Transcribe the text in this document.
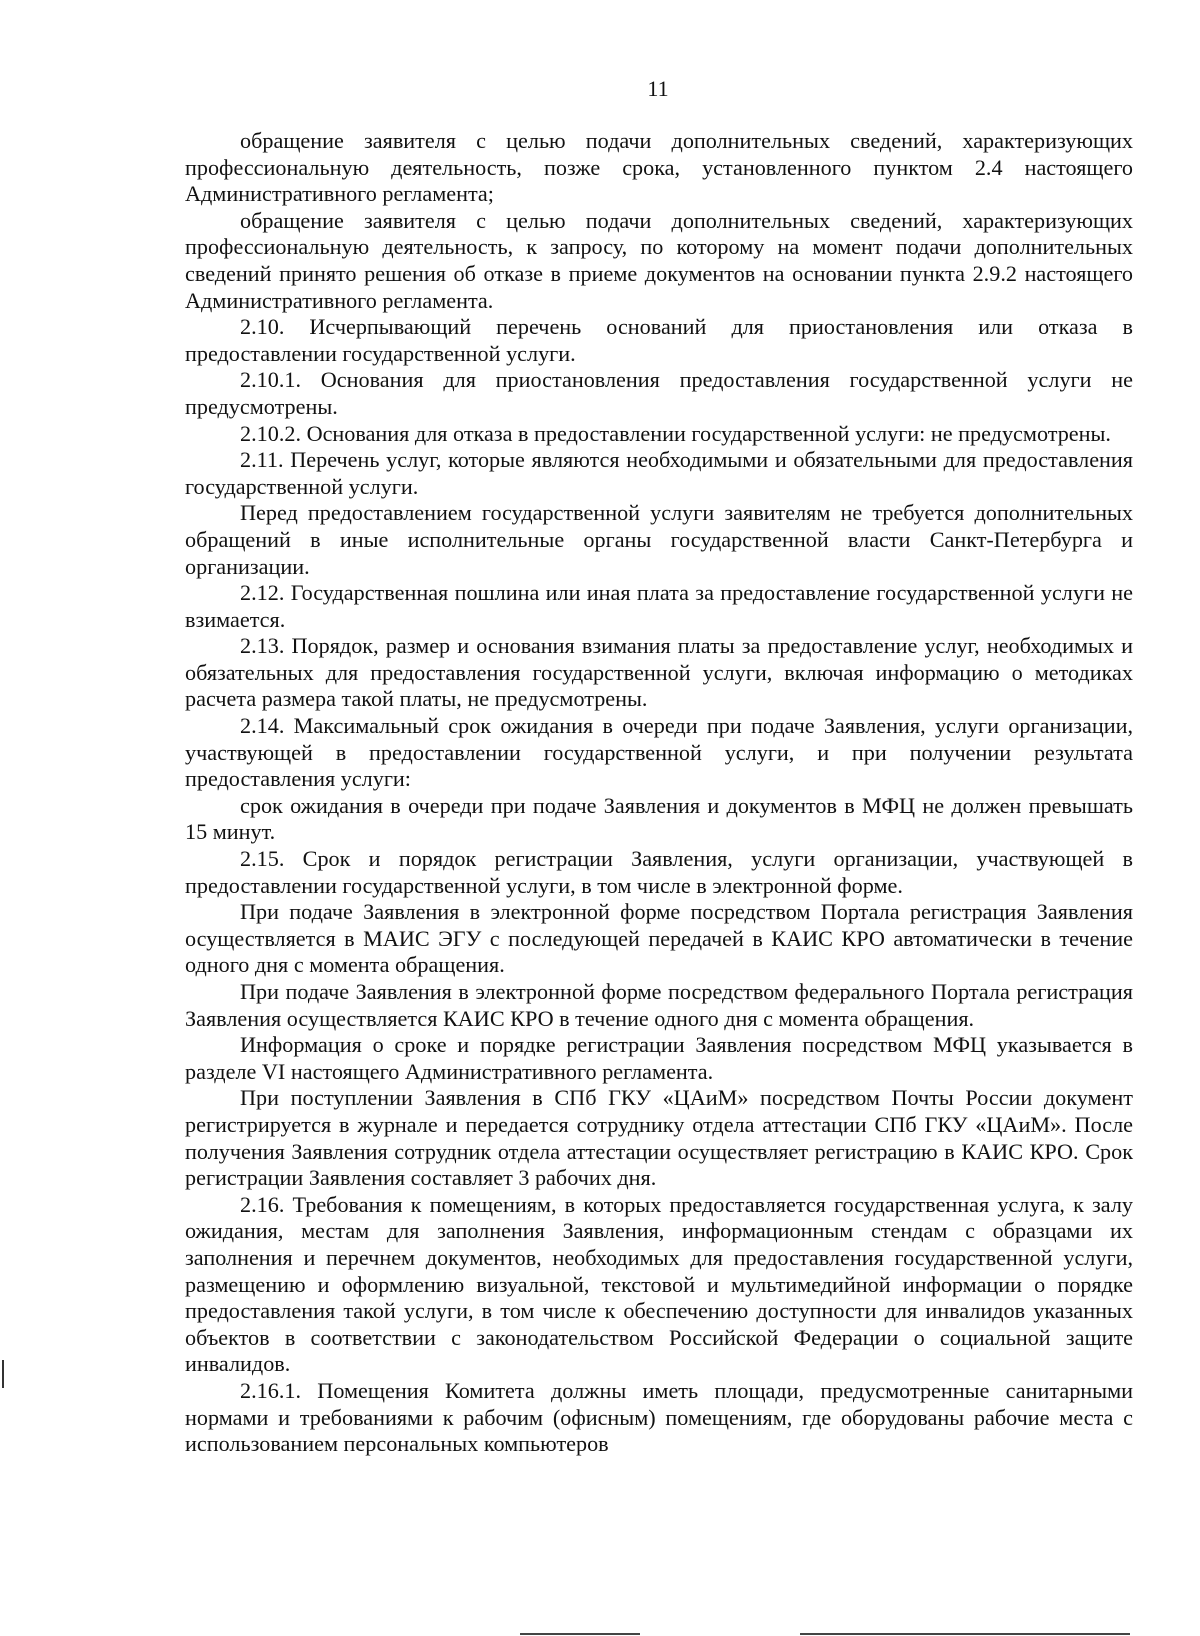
11

обращение заявителя с целью подачи дополнительных сведений, характеризующих профессиональную деятельность, позже срока, установленного пунктом 2.4 настоящего Административного регламента;

обращение заявителя с целью подачи дополнительных сведений, характеризующих профессиональную деятельность, к запросу, по которому на момент подачи дополнительных сведений принято решения об отказе в приеме документов на основании пункта 2.9.2 настоящего Административного регламента.

2.10. Исчерпывающий перечень оснований для приостановления или отказа в предоставлении государственной услуги.

2.10.1. Основания для приостановления предоставления государственной услуги не предусмотрены.

2.10.2. Основания для отказа в предоставлении государственной услуги: не предусмотрены.

2.11. Перечень услуг, которые являются необходимыми и обязательными для предоставления государственной услуги.

Перед предоставлением государственной услуги заявителям не требуется дополнительных обращений в иные исполнительные органы государственной власти Санкт-Петербурга и организации.

2.12. Государственная пошлина или иная плата за предоставление государственной услуги не взимается.

2.13. Порядок, размер и основания взимания платы за предоставление услуг, необходимых и обязательных для предоставления государственной услуги, включая информацию о методиках расчета размера такой платы, не предусмотрены.

2.14. Максимальный срок ожидания в очереди при подаче Заявления, услуги организации, участвующей в предоставлении государственной услуги, и при получении результата предоставления услуги:

срок ожидания в очереди при подаче Заявления и документов в МФЦ не должен превышать 15 минут.

2.15. Срок и порядок регистрации Заявления, услуги организации, участвующей в предоставлении государственной услуги, в том числе в электронной форме.

При подаче Заявления в электронной форме посредством Портала регистрация Заявления осуществляется в МАИС ЭГУ с последующей передачей в КАИС КРО автоматически в течение одного дня с момента обращения.

При подаче Заявления в электронной форме посредством федерального Портала регистрация Заявления осуществляется КАИС КРО в течение одного дня с момента обращения.

Информация о сроке и порядке регистрации Заявления посредством МФЦ указывается в разделе VI настоящего Административного регламента.

При поступлении Заявления в СПб ГКУ «ЦАиМ» посредством Почты России документ регистрируется в журнале и передается сотруднику отдела аттестации СПб ГКУ «ЦАиМ». После получения Заявления сотрудник отдела аттестации осуществляет регистрацию в КАИС КРО. Срок регистрации Заявления составляет 3 рабочих дня.

2.16. Требования к помещениям, в которых предоставляется государственная услуга, к залу ожидания, местам для заполнения Заявления, информационным стендам с образцами их заполнения и перечнем документов, необходимых для предоставления государственной услуги, размещению и оформлению визуальной, текстовой и мультимедийной информации о порядке предоставления такой услуги, в том числе к обеспечению доступности для инвалидов указанных объектов в соответствии с законодательством Российской Федерации о социальной защите инвалидов.

2.16.1. Помещения Комитета должны иметь площади, предусмотренные санитарными нормами и требованиями к рабочим (офисным) помещениям, где оборудованы рабочие места с использованием персональных компьютеров
